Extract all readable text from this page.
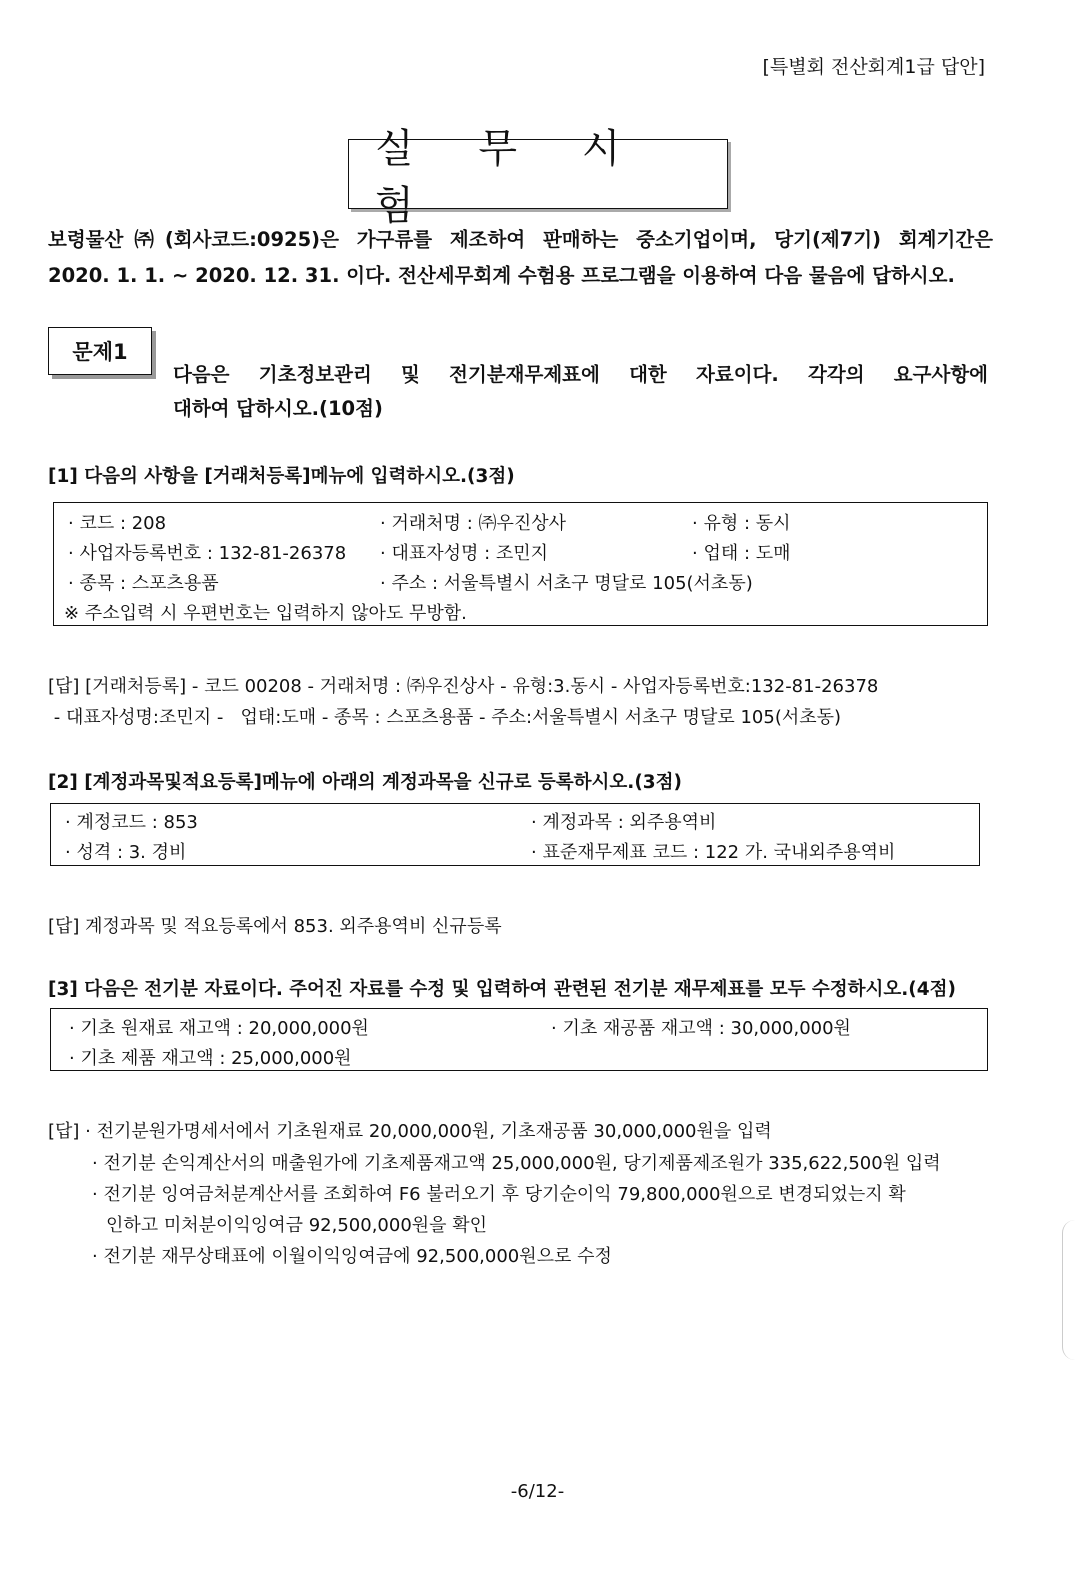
[특별회 전산회계1급 답안]
실 무 시 험
보령물산㈜(회사코드:0925)은 가구류를 제조하여 판매하는 중소기업이며, 당기(제7기) 회계기간은
2020. 1. 1. ~ 2020. 12. 31. 이다. 전산세무회계 수험용 프로그램을 이용하여 다음 물음에 답하시오.
문제1
다음은 기초정보관리 및 전기분재무제표에 대한 자료이다. 각각의 요구사항에
대하여 답하시오.(10점)
[1] 다음의 사항을 [거래처등록]메뉴에 입력하시오.(3점)
· 코드 : 208	· 거래처명 : ㈜우진상사	· 유형 : 동시
· 사업자등록번호 : 132-81-26378 · 대표자성명 : 조민지	· 업태 : 도매
· 종목 : 스포츠용품	· 주소 : 서울특별시 서초구 명달로 105(서초동)
※ 주소입력 시 우편번호는 입력하지 않아도 무방함.
[답] [거래처등록] - 코드 00208 - 거래처명 : ㈜우진상사 - 유형:3.동시 - 사업자등록번호:132-81-26378
- 대표자성명:조민지 -   업태:도매 - 종목 : 스포츠용품 - 주소:서울특별시 서초구 명달로 105(서초동)
[2] [계정과목및적요등록]메뉴에 아래의 계정과목을 신규로 등록하시오.(3점)
· 계정코드 : 853	· 계정과목 : 외주용역비
· 성격 : 3. 경비	· 표준재무제표 코드 : 122 가. 국내외주용역비
[답] 계정과목 및 적요등록에서 853. 외주용역비 신규등록
[3] 다음은 전기분 자료이다. 주어진 자료를 수정 및 입력하여 관련된 전기분 재무제표를 모두 수정하시오.(4점)
· 기초 원재료 재고액 : 20,000,000원	· 기초 재공품 재고액 : 30,000,000원
· 기초 제품 재고액 : 25,000,000원
[답] · 전기분원가명세서에서 기초원재료 20,000,000원, 기초재공품 30,000,000원을 입력
· 전기분 손익계산서의 매출원가에 기초제품재고액 25,000,000원, 당기제품제조원가 335,622,500원 입력
· 전기분 잉여금처분계산서를 조회하여 F6 불러오기 후 당기순이익 79,800,000원으로 변경되었는지 확
인하고 미처분이익잉여금 92,500,000원을 확인
· 전기분 재무상태표에 이월이익잉여금에 92,500,000원으로 수정
-6/12-
